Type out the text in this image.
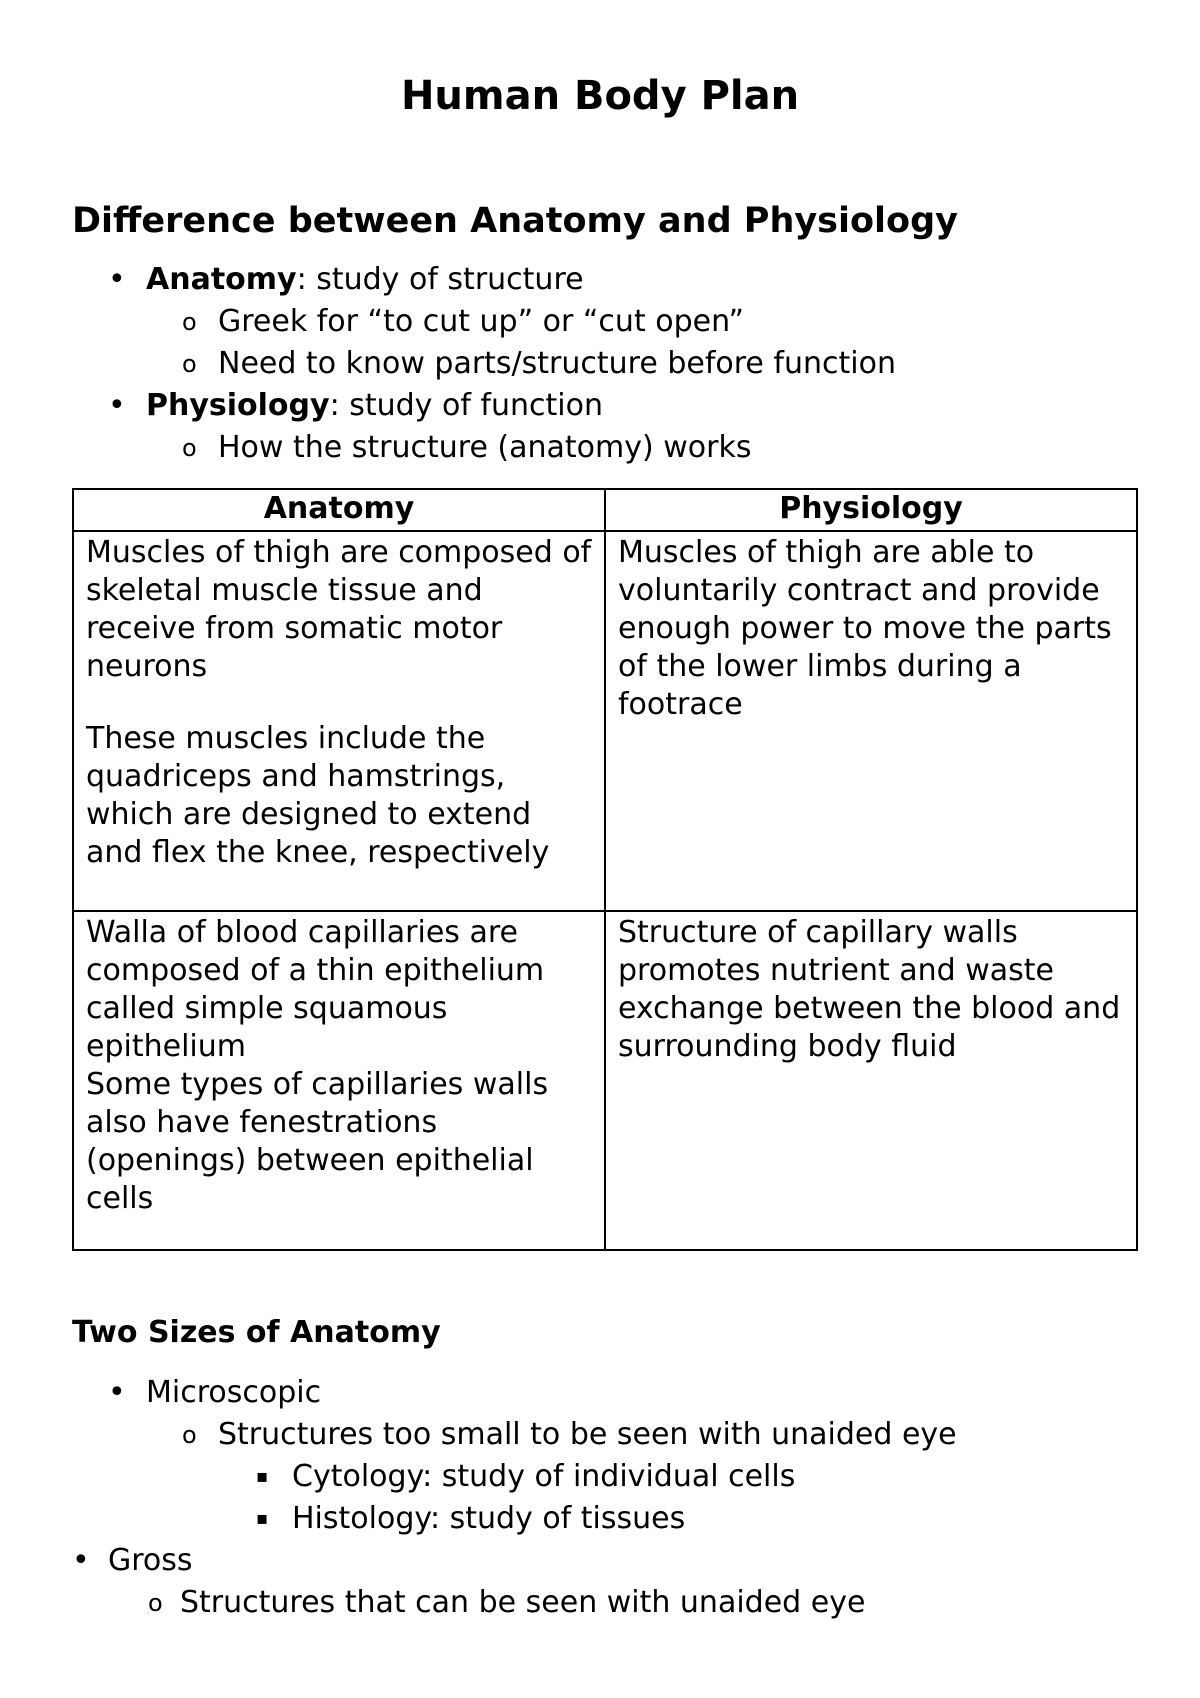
Human Body Plan
Difference between Anatomy and Physiology
•
Anatomy: study of structure
o
Greek for “to cut up” or “cut open”
o
Need to know parts/structure before function
•
Physiology: study of function
o
How the structure (anatomy) works
Anatomy	Physiology

Muscles of thigh are composed of skeletal muscle tissue and receive from somatic motor neurons

These muscles include the quadriceps and hamstrings, which are designed to extend and flex the knee, respectively	Muscles of thigh are able to voluntarily contract and provide enough power to move the parts of the lower limbs during a footrace

Walla of blood capillaries are composed of a thin epithelium called simple squamous epithelium

Some types of capillaries walls also have fenestrations (openings) between epithelial cells	Structure of capillary walls promotes nutrient and waste exchange between the blood and surrounding body fluid

Two Sizes of Anatomy
•
Microscopic
o
Structures too small to be seen with unaided eye
▪
Cytology: study of individual cells
▪
Histology: study of tissues
•
Gross
o
Structures that can be seen with unaided eye
